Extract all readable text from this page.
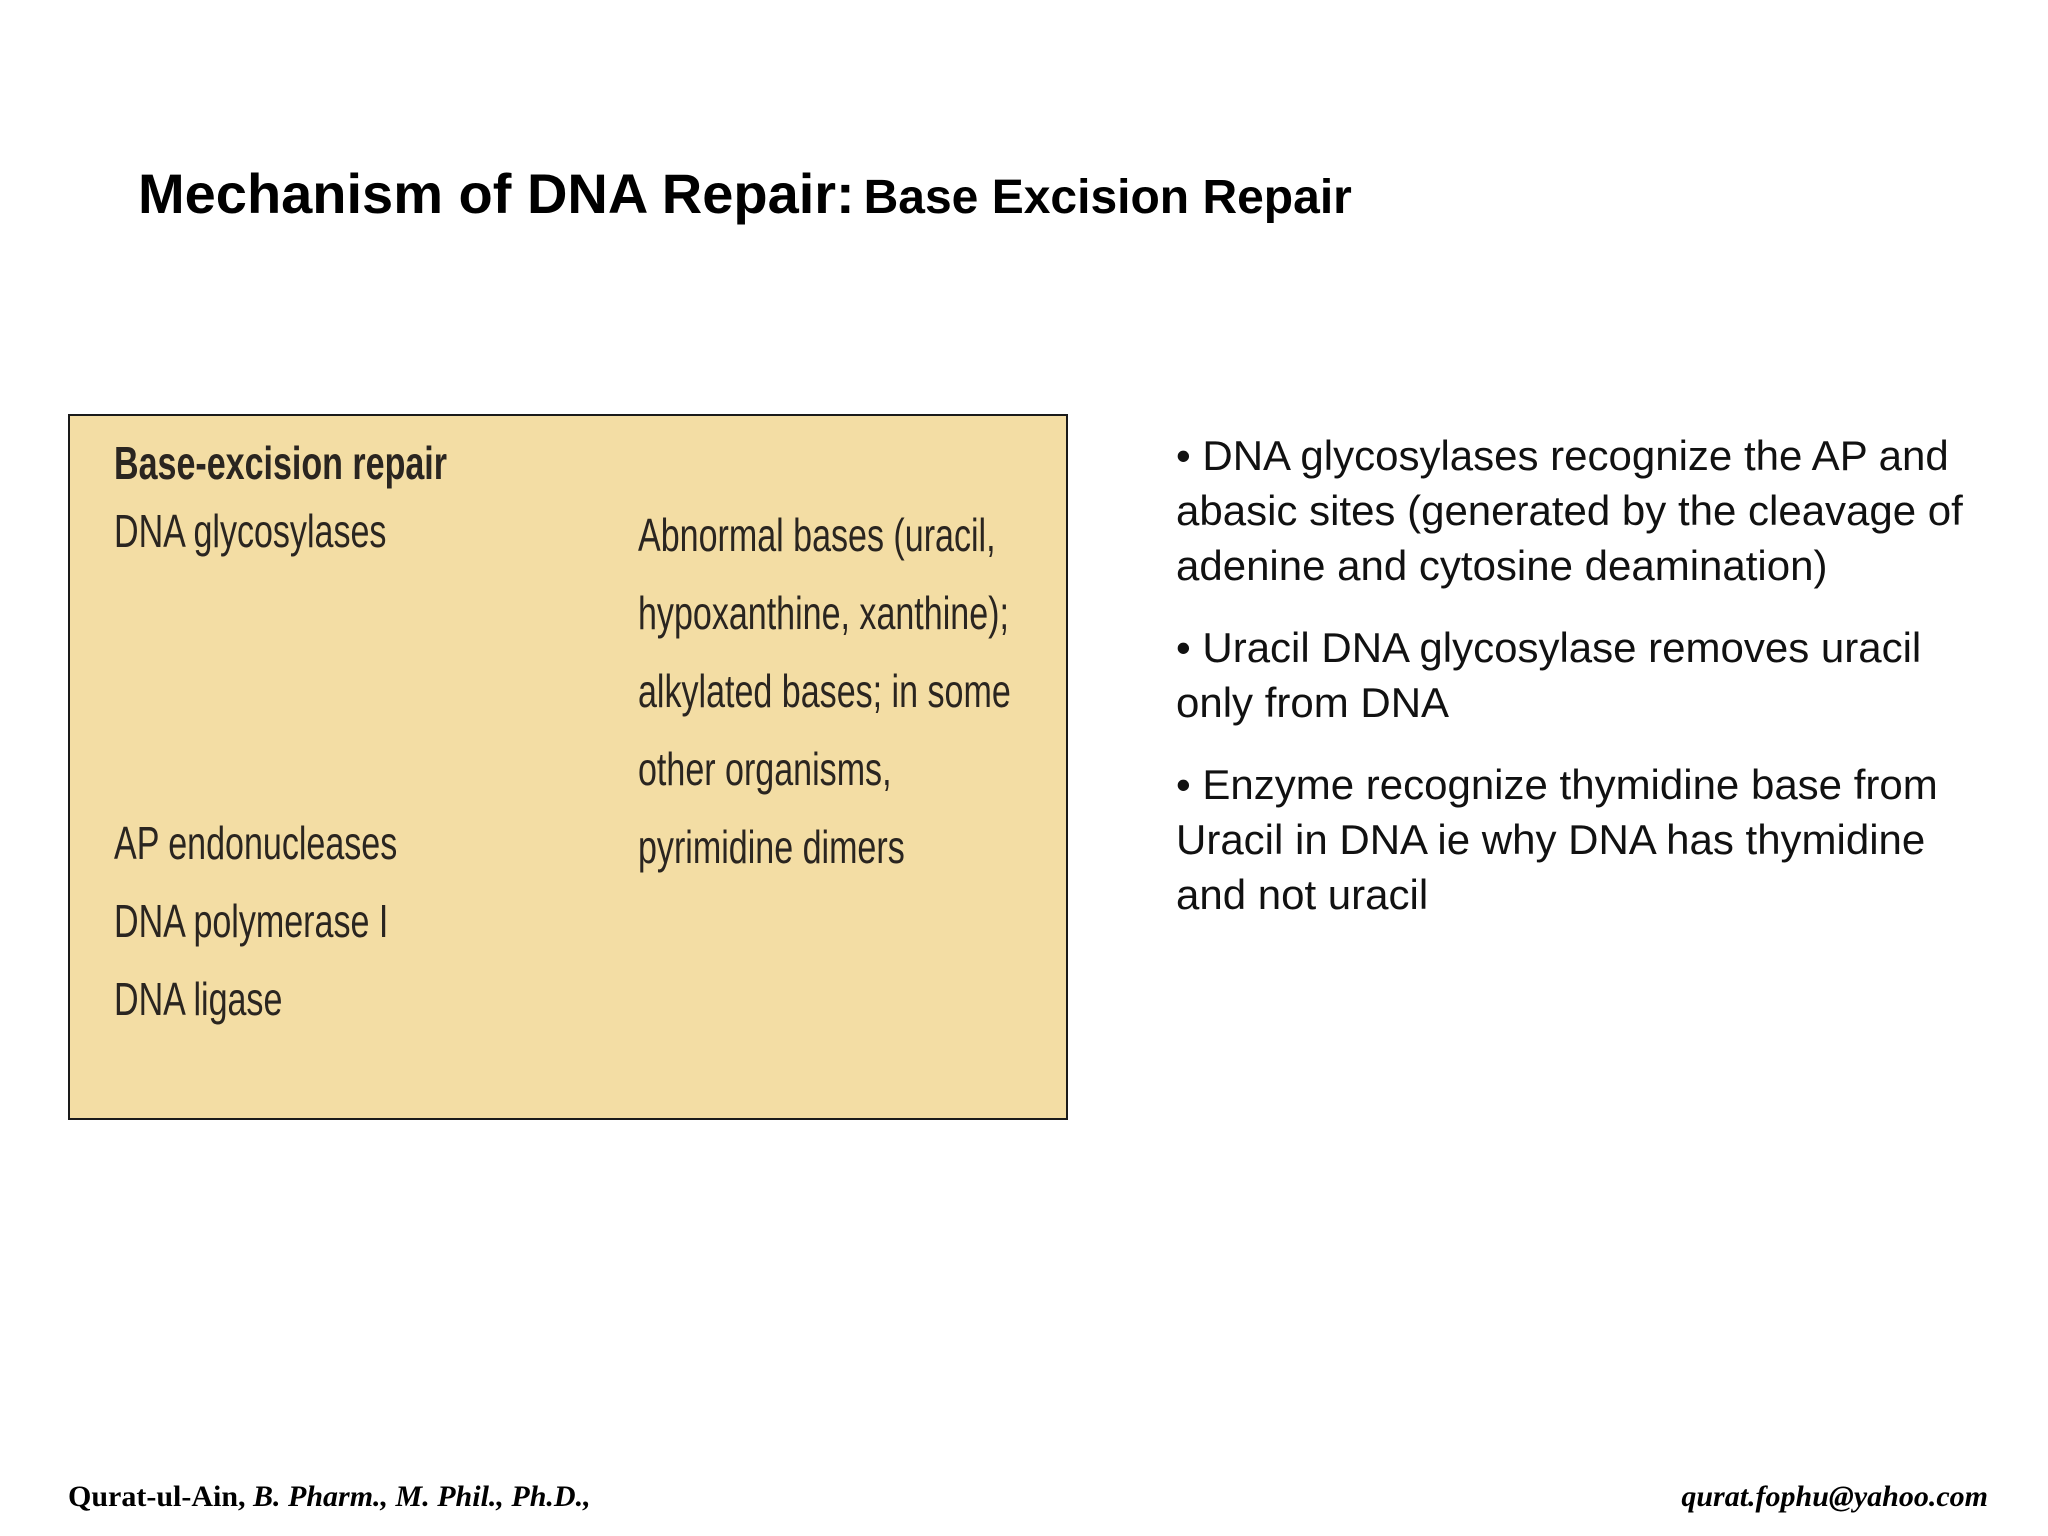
Mechanism of DNA Repair: Base Excision Repair
Base-excision repair
DNA glycosylases
AP endonucleases
DNA polymerase I
DNA ligase
Abnormal bases (uracil,
hypoxanthine, xanthine);
alkylated bases; in some
other organisms,
pyrimidine dimers
• DNA glycosylases recognize the AP and abasic sites (generated by the cleavage of adenine and cytosine deamination)
• Uracil DNA glycosylase removes uracil only from DNA
• Enzyme recognize thymidine base from Uracil in DNA ie why DNA has thymidine and not uracil
Qurat-ul-Ain, B. Pharm., M. Phil., Ph.D.,	qurat.fophu@yahoo.com
